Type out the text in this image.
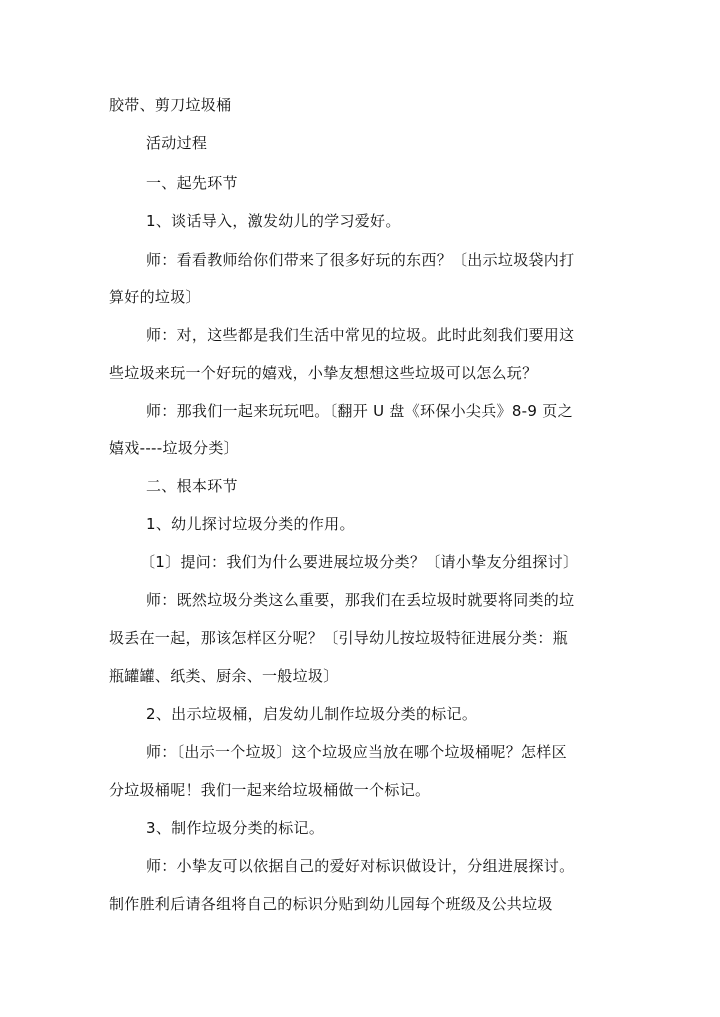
胶带、剪刀垃圾桶
活动过程
一、起先环节
1、谈话导入，激发幼儿的学习爱好。
师：看看教师给你们带来了很多好玩的东西？〔出示垃圾袋内打
算好的垃圾〕
师：对，这些都是我们生活中常见的垃圾。此时此刻我们要用这
些垃圾来玩一个好玩的嬉戏，小挚友想想这些垃圾可以怎么玩？
师：那我们一起来玩玩吧。〔翻开 U 盘《环保小尖兵》8-9 页之
嬉戏----垃圾分类〕
二、根本环节
1、幼儿探讨垃圾分类的作用。
〔1〕提问：我们为什么要进展垃圾分类？〔请小挚友分组探讨〕
师：既然垃圾分类这么重要，那我们在丢垃圾时就要将同类的垃
圾丢在一起，那该怎样区分呢？〔引导幼儿按垃圾特征进展分类：瓶
瓶罐罐、纸类、厨余、一般垃圾〕
2、出示垃圾桶，启发幼儿制作垃圾分类的标记。
师：〔出示一个垃圾〕这个垃圾应当放在哪个垃圾桶呢？怎样区
分垃圾桶呢！我们一起来给垃圾桶做一个标记。
3、制作垃圾分类的标记。
师：小挚友可以依据自己的爱好对标识做设计，分组进展探讨。
制作胜利后请各组将自己的标识分贴到幼儿园每个班级及公共垃圾
